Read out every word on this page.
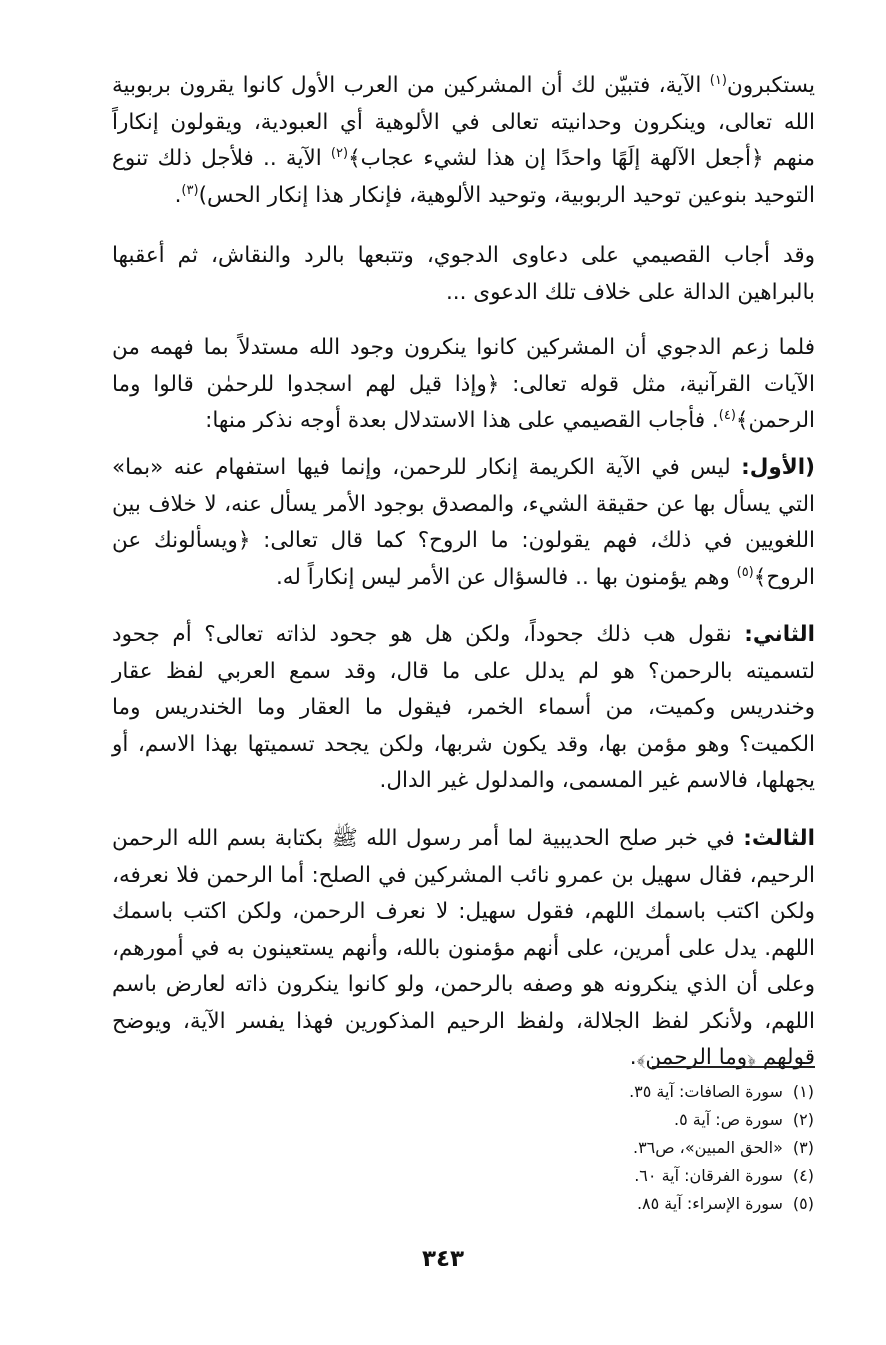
يستكبرون$^{(١)}$ الآية، فتبيّن لك أن المشركين من العرب الأول كانوا يقرون بربوبية الله تعالى، وينكرون وحدانيته تعالى في الألوهية أي العبودية، ويقولون إنكاراً منهم ﴿أجعل الآلهة إلَهًا واحدًا إن هذا لشيء عجاب﴾$^{(٢)}$ الآية .. فلأجل ذلك تنوع التوحيد بنوعين توحيد الربوبية، وتوحيد الألوهية، فإنكار هذا إنكار الحس)$^{(٣)}$.

وقد أجاب القصيمي على دعاوى الدجوي، وتتبعها بالرد والنقاش، ثم أعقبها بالبراهين الدالة على خلاف تلك الدعوى ...

فلما زعم الدجوي أن المشركين كانوا ينكرون وجود الله مستدلاً بما فهمه من الآيات القرآنية، مثل قوله تعالى: ﴿وإذا قيل لهم اسجدوا للرحمٰن قالوا وما الرحمن﴾$^{(٤)}$. فأجاب القصيمي على هذا الاستدلال بعدة أوجه نذكر منها:

(الأول: ليس في الآية الكريمة إنكار للرحمن، وإنما فيها استفهام عنه «بما» التي يسأل بها عن حقيقة الشيء، والمصدق بوجود الأمر يسأل عنه، لا خلاف بين اللغويين في ذلك، فهم يقولون: ما الروح؟ كما قال تعالى: ﴿ويسألونك عن الروح﴾$^{(٥)}$ وهم يؤمنون بها .. فالسؤال عن الأمر ليس إنكاراً له.

الثاني: نقول هب ذلك جحوداً، ولكن هل هو جحود لذاته تعالى؟ أم جحود لتسميته بالرحمن؟ هو لم يدلل على ما قال، وقد سمع العربي لفظ عقار وخندريس وكميت، من أسماء الخمر، فيقول ما العقار وما الخندريس وما الكميت؟ وهو مؤمن بها، وقد يكون شربها، ولكن يجحد تسميتها بهذا الاسم، أو يجهلها، فالاسم غير المسمى، والمدلول غير الدال.

الثالث: في خبر صلح الحديبية لما أمر رسول الله ﷺ بكتابة بسم الله الرحمن الرحيم، فقال سهيل بن عمرو نائب المشركين في الصلح: أما الرحمن فلا نعرفه، ولكن اكتب باسمك اللهم، فقول سهيل: لا نعرف الرحمن، ولكن اكتب باسمك اللهم. يدل على أمرين، على أنهم مؤمنون بالله، وأنهم يستعينون به في أمورهم، وعلى أن الذي ينكرونه هو وصفه بالرحمن، ولو كانوا ينكرون ذاته لعارض باسم اللهم، ولأنكر لفظ الجلالة، ولفظ الرحيم المذكورين فهذا يفسر الآية، ويوضح قولهم ﴿وما الرحمن﴾.

(١)سورة الصافات: آية ٣٥.
(٢)سورة ص: آية ٥.
(٣)«الحق المبين»، ص٣٦.
(٤)سورة الفرقان: آية ٦٠.
(٥)سورة الإسراء: آية ٨٥.
٣٤٣
